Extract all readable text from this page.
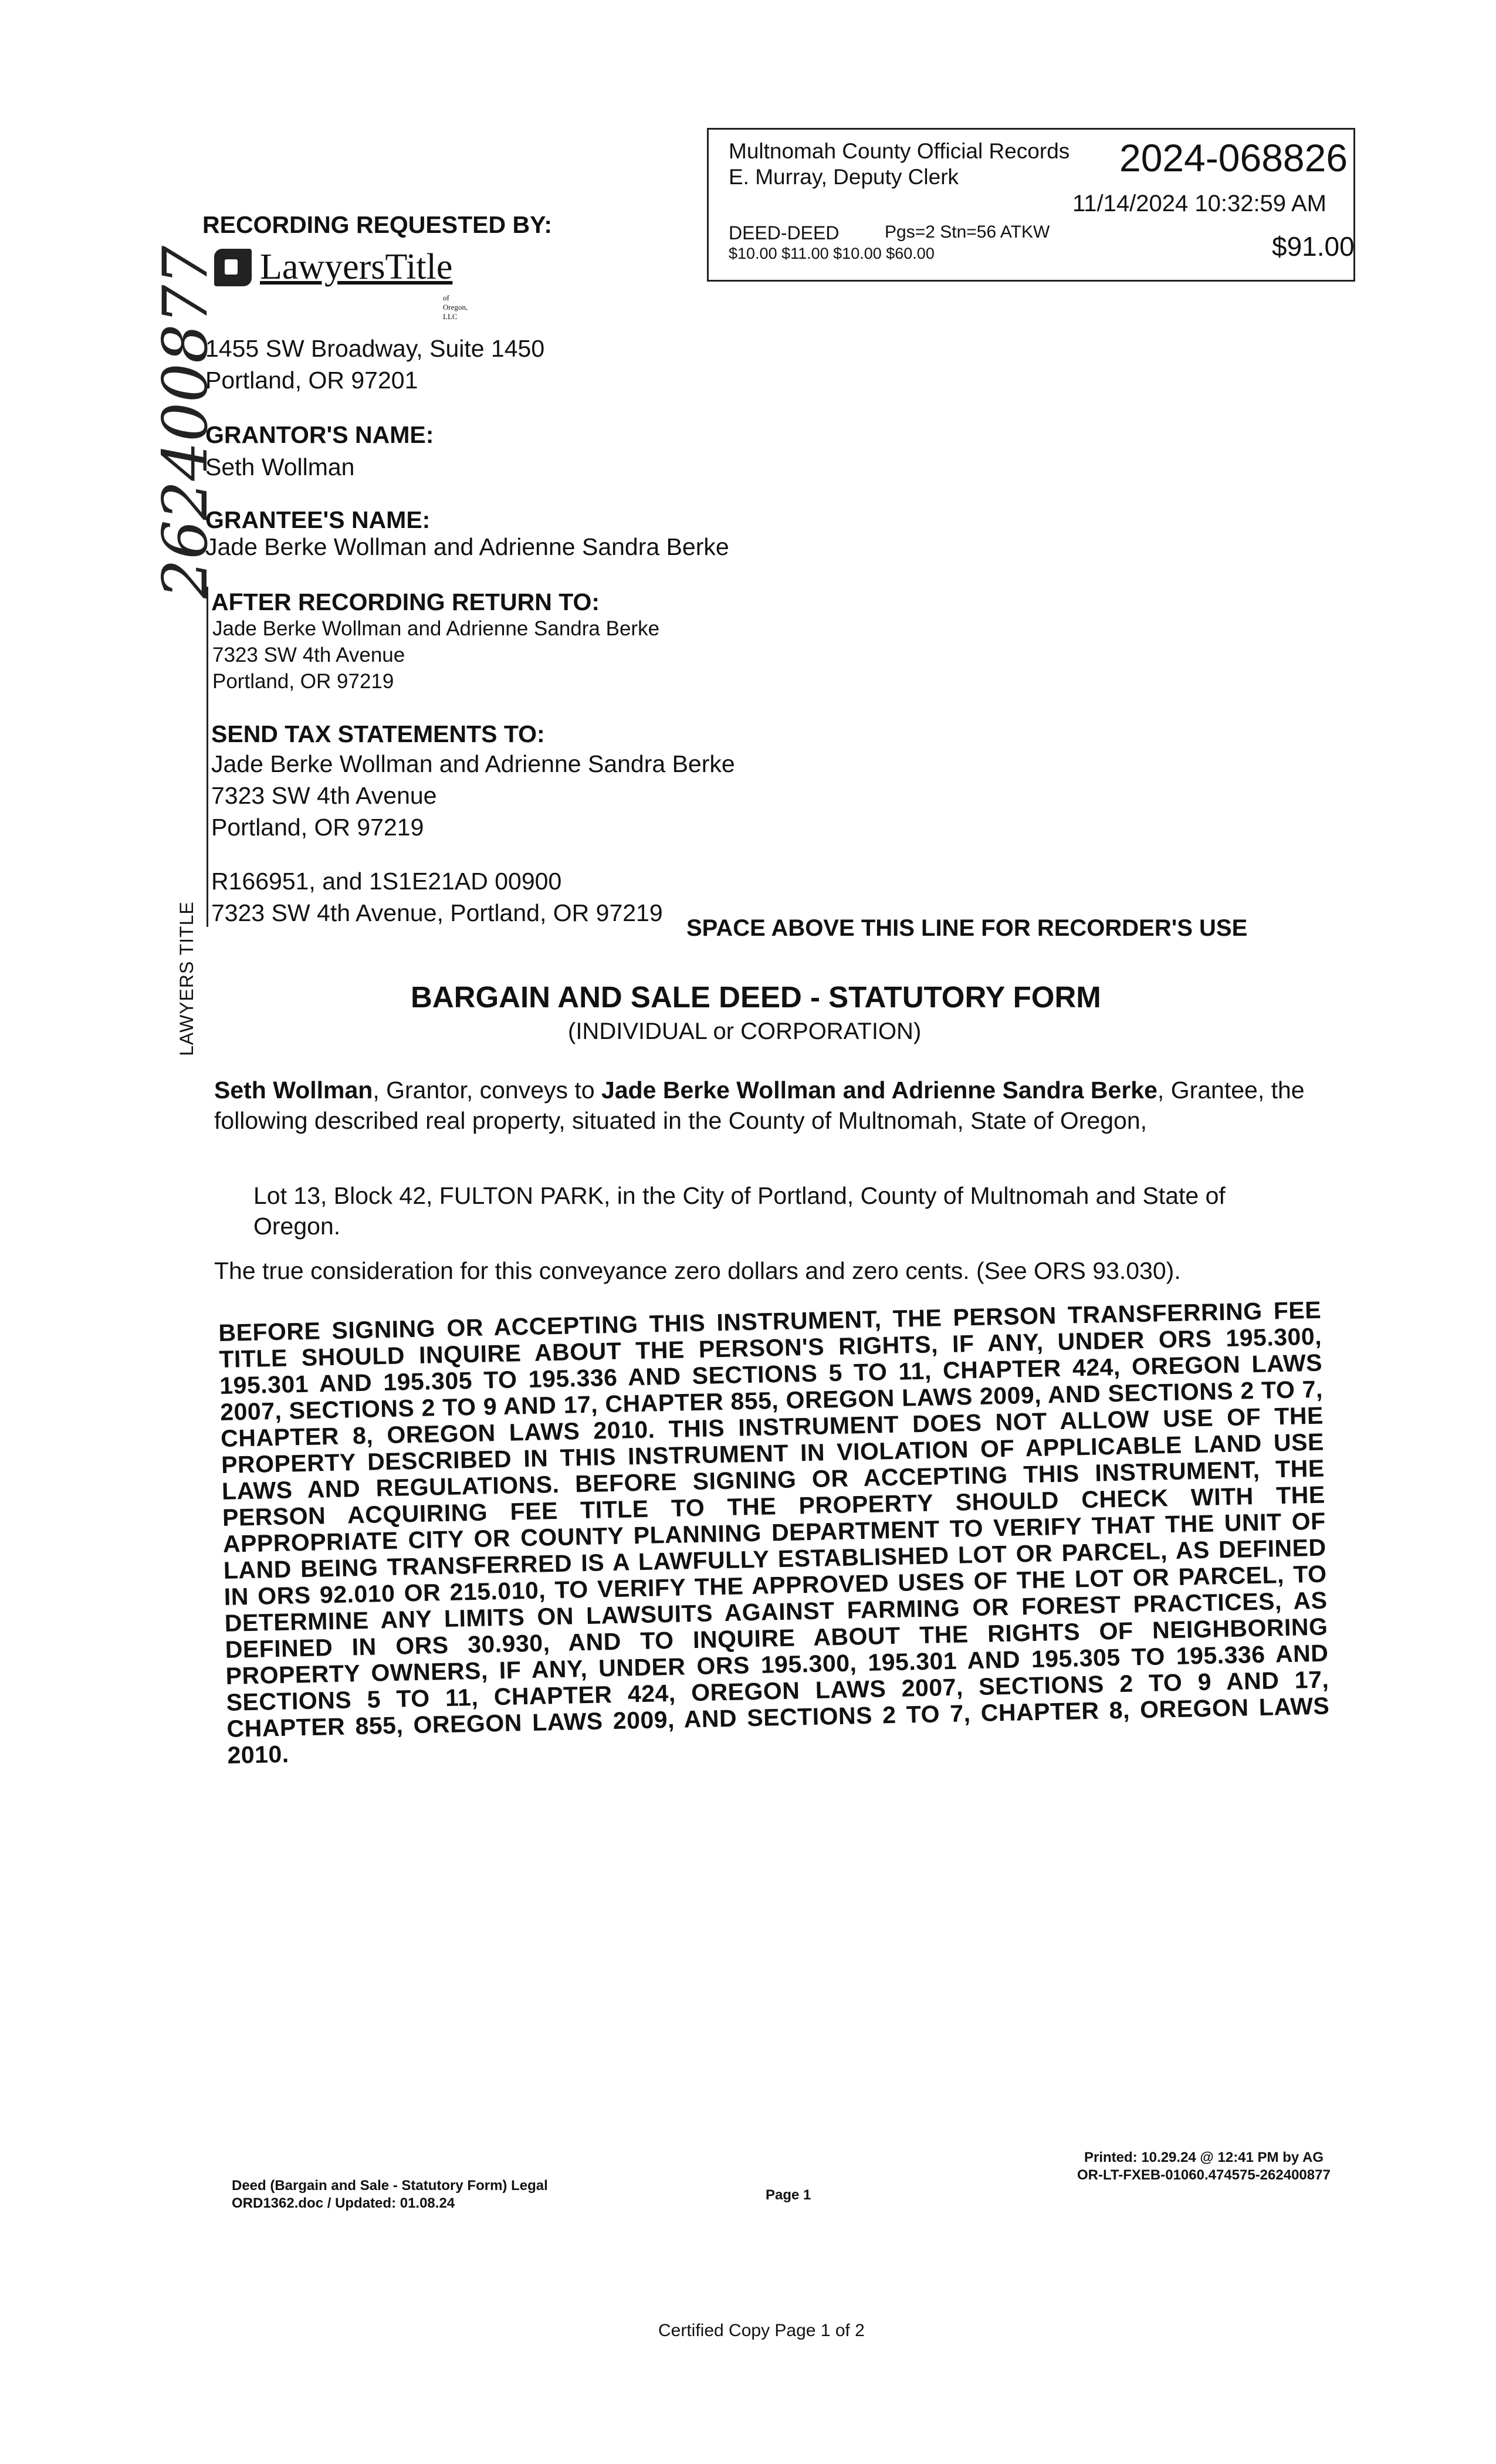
Multnomah County Official Records
E. Murray, Deputy Clerk	2024-068826
11/14/2024 10:32:59 AM
DEED-DEED	Pgs=2 Stn=56 ATKW
$10.00 $11.00 $10.00 $60.00	$91.00
RECORDING REQUESTED BY:
LawyersTitle
of Oregon, LLC
1455 SW Broadway, Suite 1450
Portland, OR 97201
GRANTOR'S NAME:
Seth Wollman
GRANTEE'S NAME:
Jade Berke Wollman and Adrienne Sandra Berke
262400877
LAWYERS TITLE
AFTER RECORDING RETURN TO:
Jade Berke Wollman and Adrienne Sandra Berke
7323 SW 4th Avenue
Portland, OR 97219
SEND TAX STATEMENTS TO:
Jade Berke Wollman and Adrienne Sandra Berke
7323 SW 4th Avenue
Portland, OR 97219
R166951, and 1S1E21AD 00900
7323 SW 4th Avenue, Portland, OR 97219
SPACE ABOVE THIS LINE FOR RECORDER'S USE
BARGAIN AND SALE DEED - STATUTORY FORM
(INDIVIDUAL or CORPORATION)
Seth Wollman, Grantor, conveys to Jade Berke Wollman and Adrienne Sandra Berke, Grantee, the following described real property, situated in the County of Multnomah, State of Oregon,
Lot 13, Block 42, FULTON PARK, in the City of Portland, County of Multnomah and State of Oregon.
The true consideration for this conveyance zero dollars and zero cents. (See ORS 93.030).
BEFORE SIGNING OR ACCEPTING THIS INSTRUMENT, THE PERSON TRANSFERRING FEE TITLE SHOULD INQUIRE ABOUT THE PERSON'S RIGHTS, IF ANY, UNDER ORS 195.300, 195.301 AND 195.305 TO 195.336 AND SECTIONS 5 TO 11, CHAPTER 424, OREGON LAWS 2007, SECTIONS 2 TO 9 AND 17, CHAPTER 855, OREGON LAWS 2009, AND SECTIONS 2 TO 7, CHAPTER 8, OREGON LAWS 2010. THIS INSTRUMENT DOES NOT ALLOW USE OF THE PROPERTY DESCRIBED IN THIS INSTRUMENT IN VIOLATION OF APPLICABLE LAND USE LAWS AND REGULATIONS. BEFORE SIGNING OR ACCEPTING THIS INSTRUMENT, THE PERSON ACQUIRING FEE TITLE TO THE PROPERTY SHOULD CHECK WITH THE APPROPRIATE CITY OR COUNTY PLANNING DEPARTMENT TO VERIFY THAT THE UNIT OF LAND BEING TRANSFERRED IS A LAWFULLY ESTABLISHED LOT OR PARCEL, AS DEFINED IN ORS 92.010 OR 215.010, TO VERIFY THE APPROVED USES OF THE LOT OR PARCEL, TO DETERMINE ANY LIMITS ON LAWSUITS AGAINST FARMING OR FOREST PRACTICES, AS DEFINED IN ORS 30.930, AND TO INQUIRE ABOUT THE RIGHTS OF NEIGHBORING PROPERTY OWNERS, IF ANY, UNDER ORS 195.300, 195.301 AND 195.305 TO 195.336 AND SECTIONS 5 TO 11, CHAPTER 424, OREGON LAWS 2007, SECTIONS 2 TO 9 AND 17, CHAPTER 855, OREGON LAWS 2009, AND SECTIONS 2 TO 7, CHAPTER 8, OREGON LAWS 2010.
Deed (Bargain and Sale - Statutory Form) Legal
ORD1362.doc / Updated: 01.08.24
Page 1
Printed: 10.29.24 @ 12:41 PM by AG
OR-LT-FXEB-01060.474575-262400877
Certified Copy Page 1 of 2
